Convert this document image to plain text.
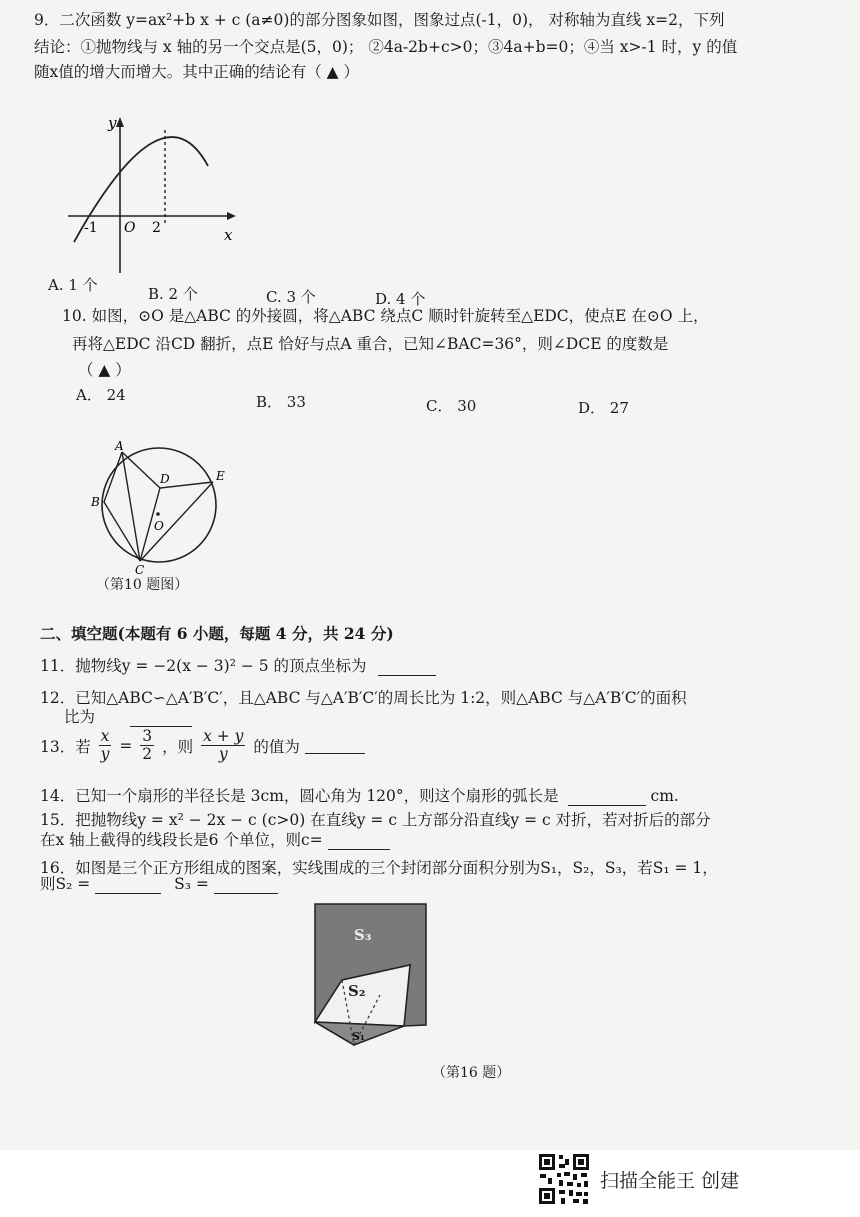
9．二次函数 y=ax²+b x + c (a≠0)的部分图象如图，图象过点(-1，0)， 对称轴为直线 x=2，下列
结论：①抛物线与 x 轴的另一个交点是(5，0)； ②4a-2b+c>0；③4a+b=0；④当 x>-1 时，y 的值
随x值的增大而增大。其中正确的结论有（ ▲ ）
y
x
-1 O 2
A. 1 个	B. 2 个	C. 3 个	D. 4 个
10. 如图，⊙O 是△ABC 的外接圆，将△ABC 绕点C 顺时针旋转至△EDC，使点E 在⊙O 上，
再将△EDC 沿CD 翻折，点E 恰好与点A 重合，已知∠BAC=36°，则∠DCE 的度数是
（ ▲ ）
A． 24	B． 33	C． 30	D． 27
A
B
C
D	E
O
（第10 题图）
二、填空题(本题有 6 小题，每题 4 分，共 24 分)
11．抛物线y = −2(x − 3)² − 5 的顶点坐标为
12．已知△ABC∽△A′B′C′，且△ABC 与△A′B′C′的周长比为 1:2，则△ABC 与△A′B′C′的面积
比为
13．若 $\frac{x}{y} = \frac{3}{2}$ ，则 $\frac{x + y}{y}$ 的值为
14．已知一个扇形的半径长是 3cm，圆心角为 120°，则这个扇形的弧长是	cm.
15．把抛物线y = x² − 2x − c (c>0) 在直线y = c 上方部分沿直线y = c 对折，若对折后的部分
在x 轴上截得的线段长是6 个单位，则c=
16．如图是三个正方形组成的图案，实线围成的三个封闭部分面积分别为S₁，S₂，S₃，若S₁ = 1，
则S₂ =	S₃ =
S₃
S₂
S₁
（第16 题）
扫描全能王 创建
